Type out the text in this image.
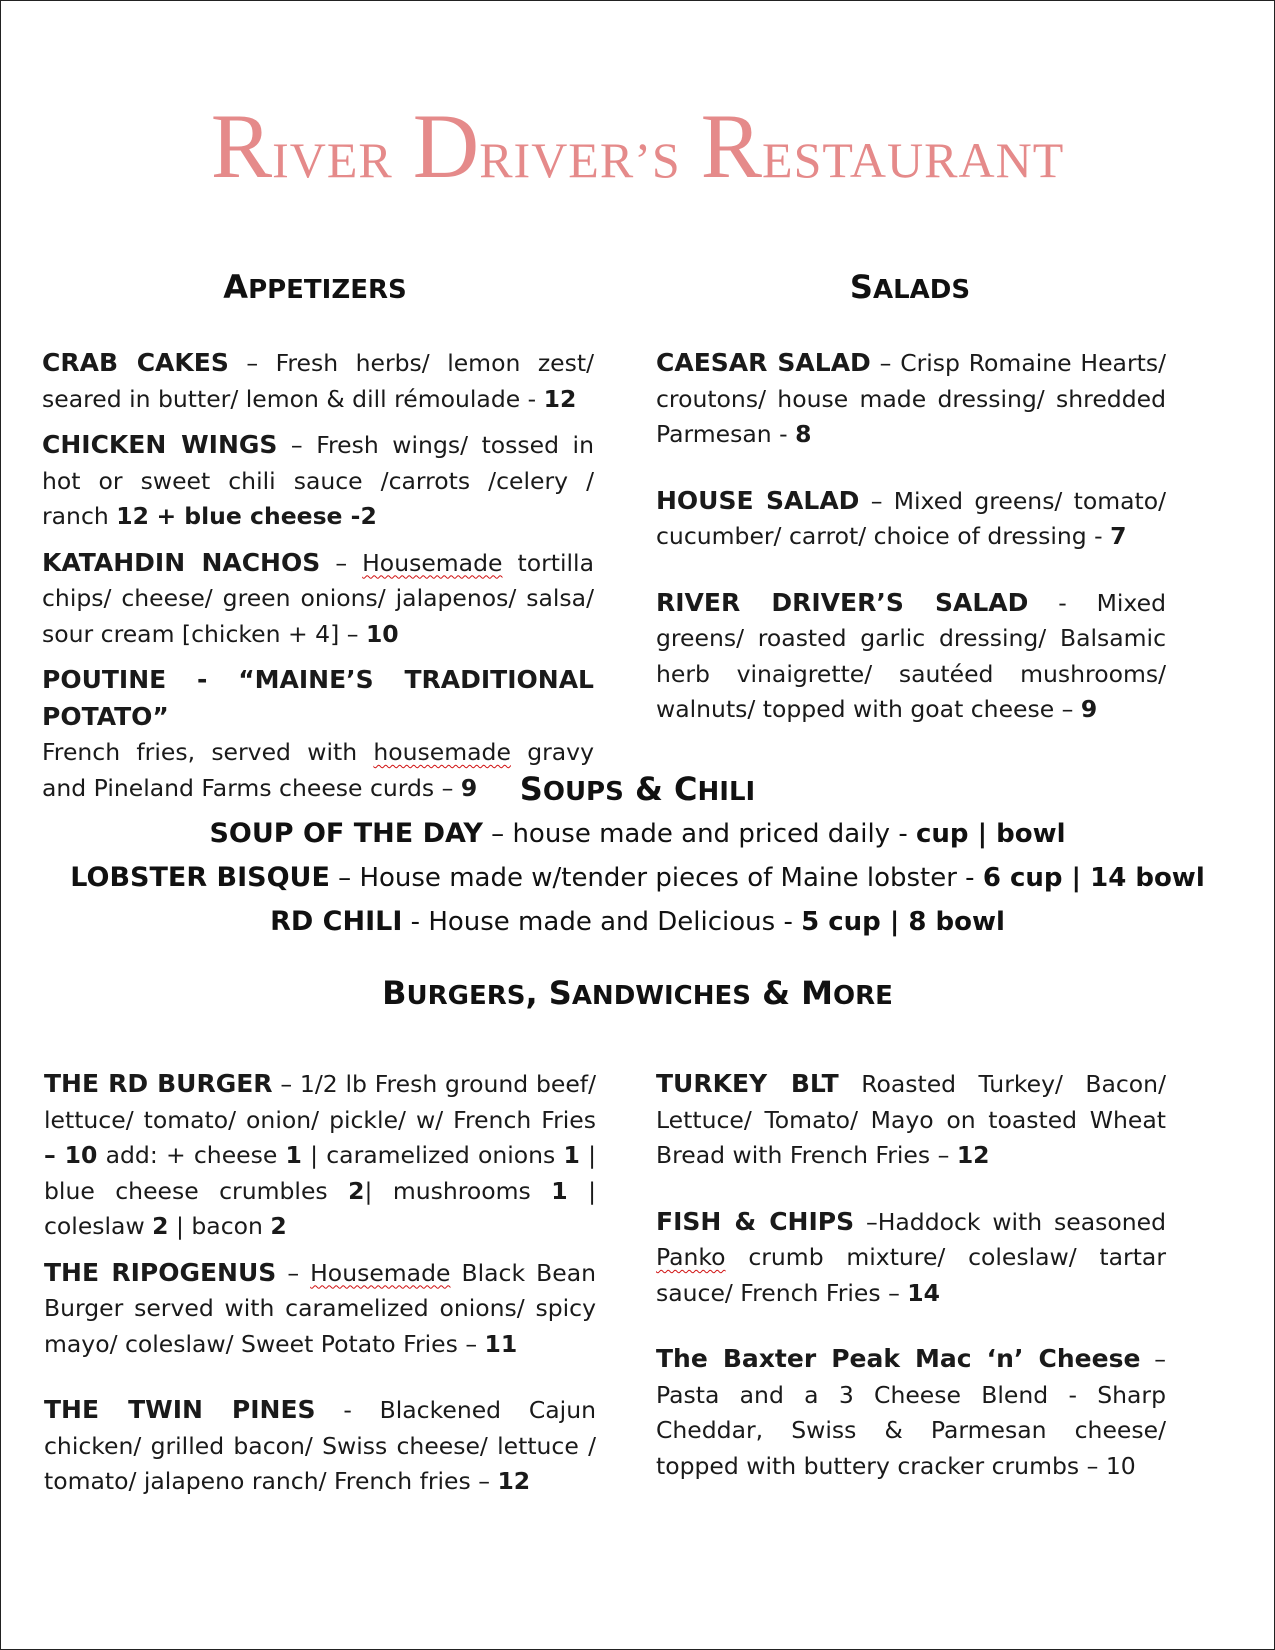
RIVER DRIVER’S RESTAURANT
APPETIZERS	SALADS

CRAB CAKES – Fresh herbs/ lemon zest/ seared in butter/ lemon & dill rémoulade - 12

CHICKEN WINGS – Fresh wings/ tossed in hot or sweet chili sauce /carrots /celery / ranch 12 + blue cheese -2

KATAHDIN NACHOS – Housemade tortilla chips/ cheese/ green onions/ jalapenos/ salsa/ sour cream [chicken + 4] – 10

POUTINE - “MAINE’S TRADITIONAL POTATO”
French fries, served with housemade gravy and Pineland Farms cheese curds – 9

CAESAR SALAD – Crisp Romaine Hearts/ croutons/ house made dressing/ shredded Parmesan - 8

HOUSE SALAD – Mixed greens/ tomato/ cucumber/ carrot/ choice of dressing - 7

RIVER DRIVER’S SALAD - Mixed greens/ roasted garlic dressing/ Balsamic herb vinaigrette/ sautéed mushrooms/ walnuts/ topped with goat cheese – 9

SOUPS & CHILI
SOUP OF THE DAY – house made and priced daily - cup | bowl
LOBSTER BISQUE – House made w/tender pieces of Maine lobster - 6 cup | 14 bowl
RD CHILI - House made and Delicious - 5 cup | 8 bowl
BURGERS, SANDWICHES & MORE

THE RD BURGER – 1/2 lb Fresh ground beef/ lettuce/ tomato/ onion/ pickle/ w/ French Fries – 10 add: + cheese 1 | caramelized onions 1 | blue cheese crumbles 2| mushrooms 1 | coleslaw 2 | bacon 2

THE RIPOGENUS – Housemade Black Bean Burger served with caramelized onions/ spicy mayo/ coleslaw/ Sweet Potato Fries – 11

THE TWIN PINES - Blackened Cajun chicken/ grilled bacon/ Swiss cheese/ lettuce / tomato/ jalapeno ranch/ French fries – 12

TURKEY BLT Roasted Turkey/ Bacon/ Lettuce/ Tomato/ Mayo on toasted Wheat Bread with French Fries – 12

FISH & CHIPS –Haddock with seasoned Panko crumb mixture/ coleslaw/ tartar sauce/ French Fries – 14

The Baxter Peak Mac ‘n’ Cheese – Pasta and a 3 Cheese Blend - Sharp Cheddar, Swiss & Parmesan cheese/ topped with buttery cracker crumbs – 10
